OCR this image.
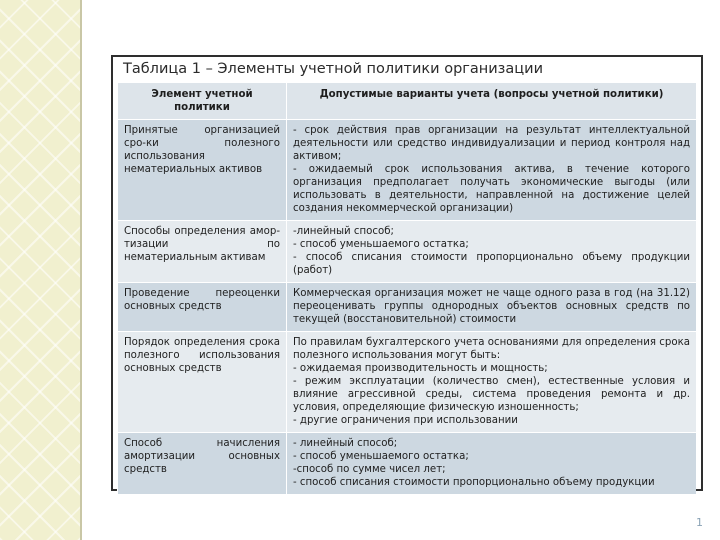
Таблица 1 – Элементы учетной политики организации
Элемент учетной политики	Допустимые варианты учета (вопросы учетной политики)
Принятые организацией сро-ки полезного использования нематериальных активов	- срок действия прав организации на результат интеллектуальной деятельности или средство индивидуализации и период контроля над активом;
- ожидаемый срок использования актива, в течение которого организация предполагает получать экономические выгоды (или использовать в деятельности, направленной на достижение целей создания некоммерческой организации)

Способы определения амор-тизации по нематериальным активам	-линейный способ;
- способ уменьшаемого остатка;
- способ списания стоимости пропорционально объему продукции (работ)

Проведение переоценки основных средств	Коммерческая организация может не чаще одного раза в год (на 31.12) переоценивать группы однородных объектов основных средств по текущей (восстановительной) стоимости

Порядок определения срока полезного использования основных средств	По правилам бухгалтерского учета основаниями для определения срока полезного использования могут быть:
- ожидаемая производительность и мощность;
- режим эксплуатации (количество смен), естественные условия и влияние агрессивной среды, система проведения ремонта и др. условия, определяющие физическую изношенность;
- другие ограничения при использовании

Способ начисления амортизации основных средств	- линейный способ;
- способ уменьшаемого остатка;
-способ по сумме чисел лет;
- способ списания стоимости пропорционально объему продукции
1
